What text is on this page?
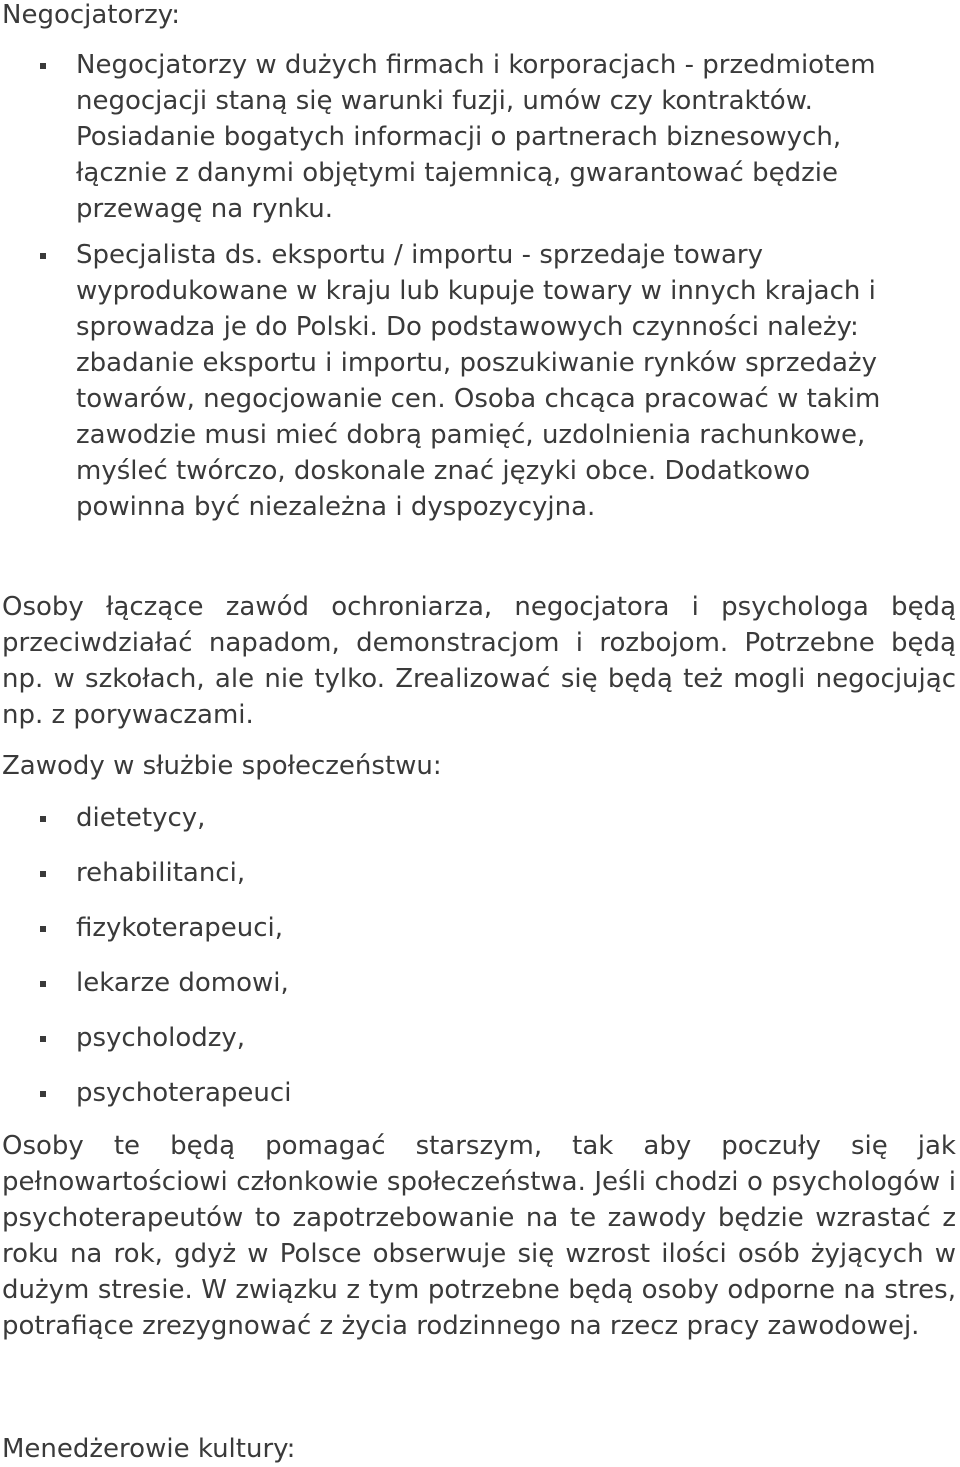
Negocjatorzy:
Negocjatorzy w dużych firmach i korporacjach - przedmiotem negocjacji staną się warunki fuzji, umów czy kontraktów. Posiadanie bogatych informacji o partnerach biznesowych, łącznie z danymi objętymi tajemnicą, gwarantować będzie przewagę na rynku.
Specjalista ds. eksportu / importu - sprzedaje towary wyprodukowane w kraju lub kupuje towary w innych krajach i sprowadza je do Polski. Do podstawowych czynności należy: zbadanie eksportu i importu, poszukiwanie rynków sprzedaży towarów, negocjowanie cen. Osoba chcąca pracować w takim zawodzie musi mieć dobrą pamięć, uzdolnienia rachunkowe, myśleć twórczo, doskonale znać języki obce. Dodatkowo powinna być niezależna i dyspozycyjna.

Osoby łączące zawód ochroniarza, negocjatora i psychologa będą przeciwdziałać napadom, demonstracjom i rozbojom. Potrzebne będą np. w szkołach, ale nie tylko. Zrealizować się będą też mogli negocjując np. z porywaczami.

Zawody w służbie społeczeństwu:
dietetycy,
rehabilitanci,
fizykoterapeuci,
lekarze domowi,
psycholodzy,
psychoterapeuci

Osoby te będą pomagać starszym, tak aby poczuły się jak pełnowartościowi członkowie społeczeństwa. Jeśli chodzi o psychologów i psychoterapeutów to zapotrzebowanie na te zawody będzie wzrastać z roku na rok, gdyż w Polsce obserwuje się wzrost ilości osób żyjących w dużym stresie. W związku z tym potrzebne będą osoby odporne na stres, potrafiące zrezygnować z życia rodzinnego na rzecz pracy zawodowej.

Menedżerowie kultury:
